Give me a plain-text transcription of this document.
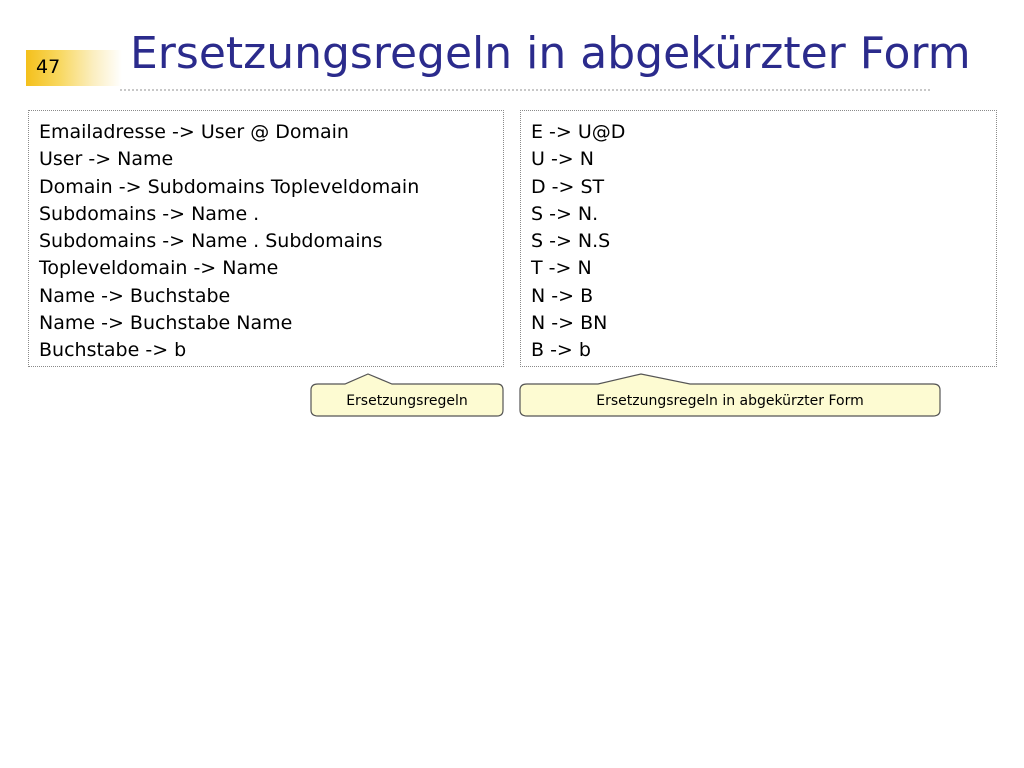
47 Ersetzungsregeln in abgekürzter Form
Emailadresse -> User @ Domain
User -> Name
Domain -> Subdomains Topleveldomain
Subdomains -> Name .
Subdomains -> Name . Subdomains
Topleveldomain -> Name
Name -> Buchstabe
Name -> Buchstabe Name
Buchstabe -> b
E -> U@D
U -> N
D -> ST
S -> N.
S -> N.S
T -> N
N -> B
N -> BN
B -> b
Ersetzungsregeln	Ersetzungsregeln in abgekürzter Form
